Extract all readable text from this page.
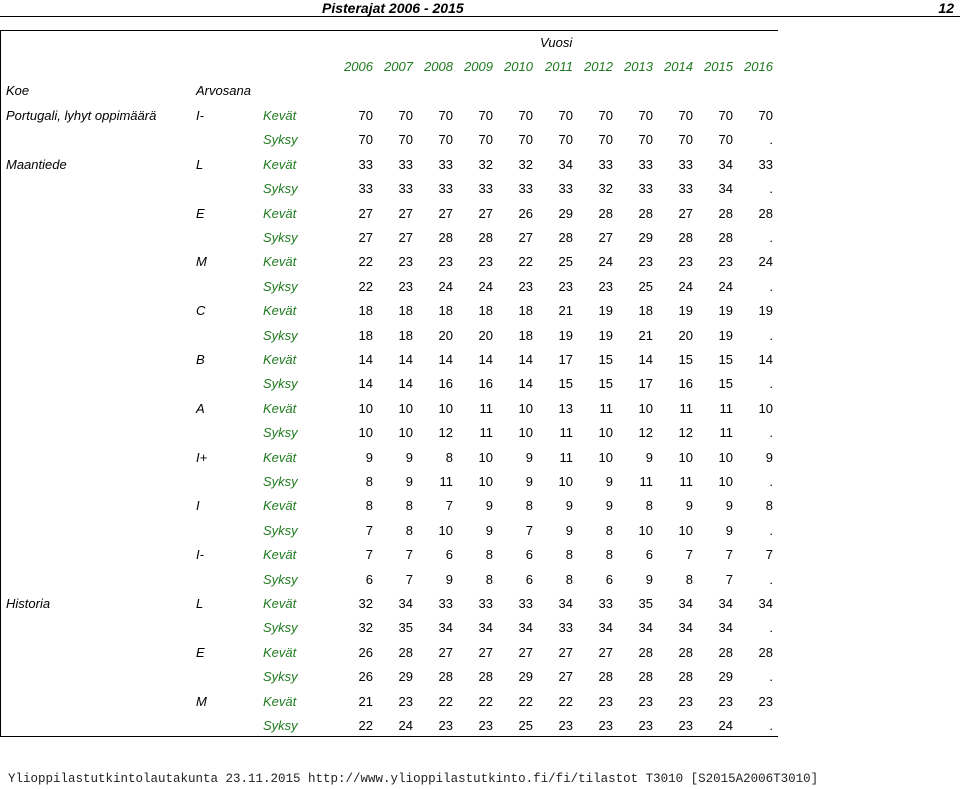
Pisterajat 2006 - 2015	12
Vuosi
Koe	Arvosana
2006 2007 2008 2009 2010 2011 2012 2013 2014 2015 2016
Portugali, lyhyt oppimäärä	I-	Kevät	70	70	70	70	70	70	70	70	70	70	70
Syksy	70	70	70	70	70	70	70	70	70	70	.
Maantiede	L	Kevät	33	33	33	32	32	34	33	33	33	34	33
Syksy	33	33	33	33	33	33	32	33	33	34	.
E	Kevät	27	27	27	27	26	29	28	28	27	28	28
Syksy	27	27	28	28	27	28	27	29	28	28	.
M	Kevät	22	23	23	23	22	25	24	23	23	23	24
Syksy	22	23	24	24	23	23	23	25	24	24	.
C	Kevät	18	18	18	18	18	21	19	18	19	19	19
Syksy	18	18	20	20	18	19	19	21	20	19	.
B	Kevät	14	14	14	14	14	17	15	14	15	15	14
Syksy	14	14	16	16	14	15	15	17	16	15	.
A	Kevät	10	10	10	11	10	13	11	10	11	11	10
Syksy	10	10	12	11	10	11	10	12	12	11	.
I+	Kevät	9	9	8	10	9	11	10	9	10	10	9
Syksy	8	9	11	10	9	10	9	11	11	10	.
I	Kevät	8	8	7	9	8	9	9	8	9	9	8
Syksy	7	8	10	9	7	9	8	10	10	9	.
I-	Kevät	7	7	6	8	6	8	8	6	7	7	7
Syksy	6	7	9	8	6	8	6	9	8	7	.
Historia	L	Kevät	32	34	33	33	33	34	33	35	34	34	34
Syksy	32	35	34	34	34	33	34	34	34	34	.
E	Kevät	26	28	27	27	27	27	27	28	28	28	28
Syksy	26	29	28	28	29	27	28	28	28	29	.
M	Kevät	21	23	22	22	22	22	23	23	23	23	23
Syksy	22	24	23	23	25	23	23	23	23	24	.
Ylioppilastutkintolautakunta 23.11.2015 http://www.ylioppilastutkinto.fi/fi/tilastot T3010 [S2015A2006T3010]
